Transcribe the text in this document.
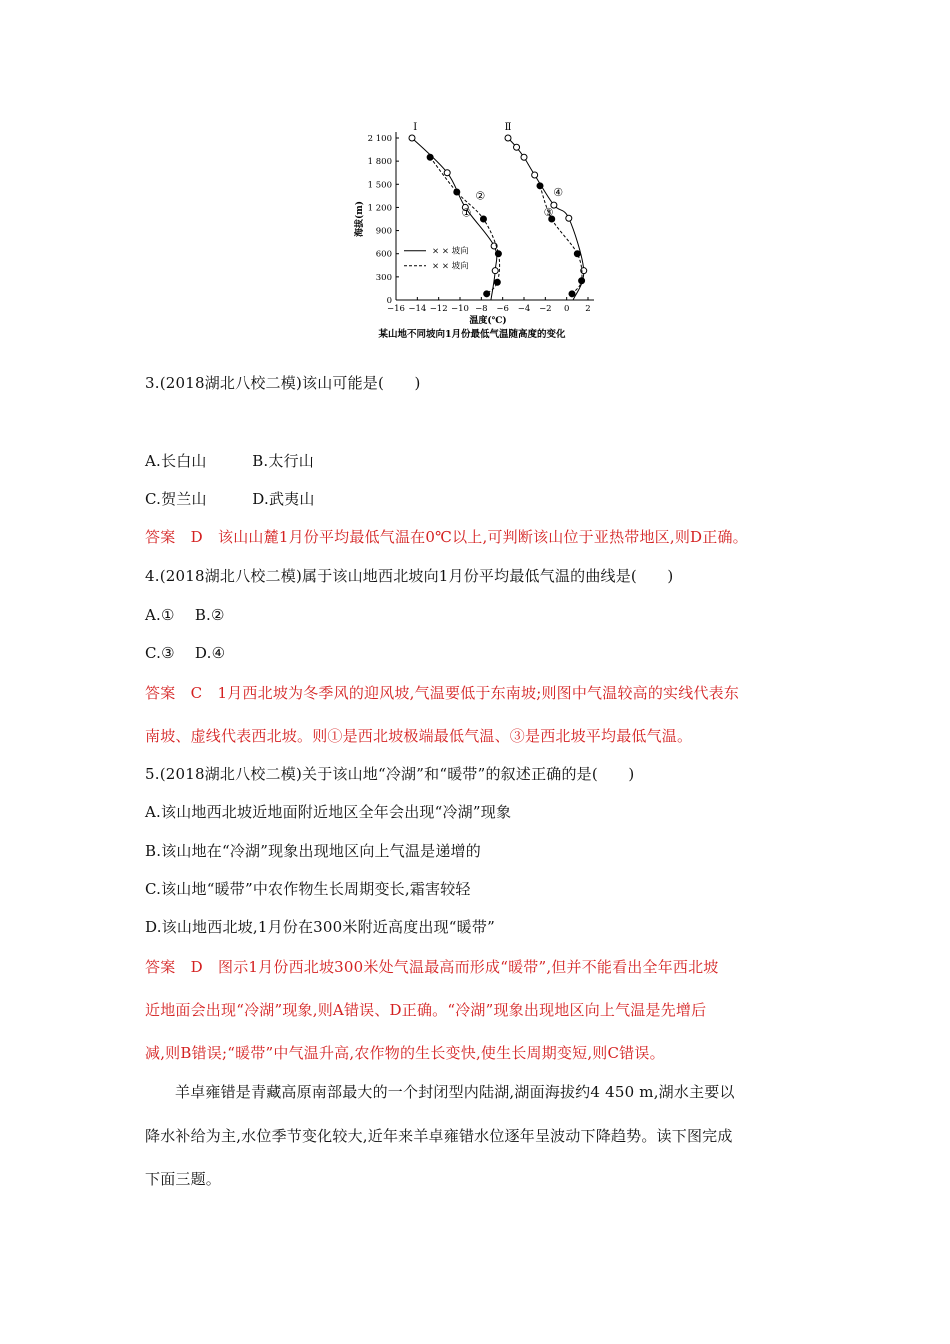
0
300
600
900
1 200
1 500
1 800
2 100
−16 −14 −12 −10 −8 −6 −4 −2 0 2
海拔(m)
温度(℃)
某山地不同坡向1月份最低气温随高度的变化
Ⅰ	Ⅱ
①
②
③
④
× × 坡向
× × 坡向
3.(2018湖北八校二模)该山可能是(　　)
A.长白山　　　B.太行山
C.贺兰山　　　D.武夷山
答案　D　该山山麓1月份平均最低气温在0℃以上,可判断该山位于亚热带地区,则D正确。
4.(2018湖北八校二模)属于该山地西北坡向1月份平均最低气温的曲线是(　　)
A.①　 B.②
C.③　 D.④
答案　C　1月西北坡为冬季风的迎风坡,气温要低于东南坡;则图中气温较高的实线代表东
南坡、虚线代表西北坡。则①是西北坡极端最低气温、③是西北坡平均最低气温。
5.(2018湖北八校二模)关于该山地“冷湖”和“暖带”的叙述正确的是(　　)
A.该山地西北坡近地面附近地区全年会出现“冷湖”现象
B.该山地在“冷湖”现象出现地区向上气温是递增的
C.该山地“暖带”中农作物生长周期变长,霜害较轻
D.该山地西北坡,1月份在300米附近高度出现“暖带”
答案　D　图示1月份西北坡300米处气温最高而形成“暖带”,但并不能看出全年西北坡
近地面会出现“冷湖”现象,则A错误、D正确。“冷湖”现象出现地区向上气温是先增后
减,则B错误;“暖带”中气温升高,农作物的生长变快,使生长周期变短,则C错误。
羊卓雍错是青藏高原南部最大的一个封闭型内陆湖,湖面海拔约4 450 m,湖水主要以
降水补给为主,水位季节变化较大,近年来羊卓雍错水位逐年呈波动下降趋势。读下图完成
下面三题。
